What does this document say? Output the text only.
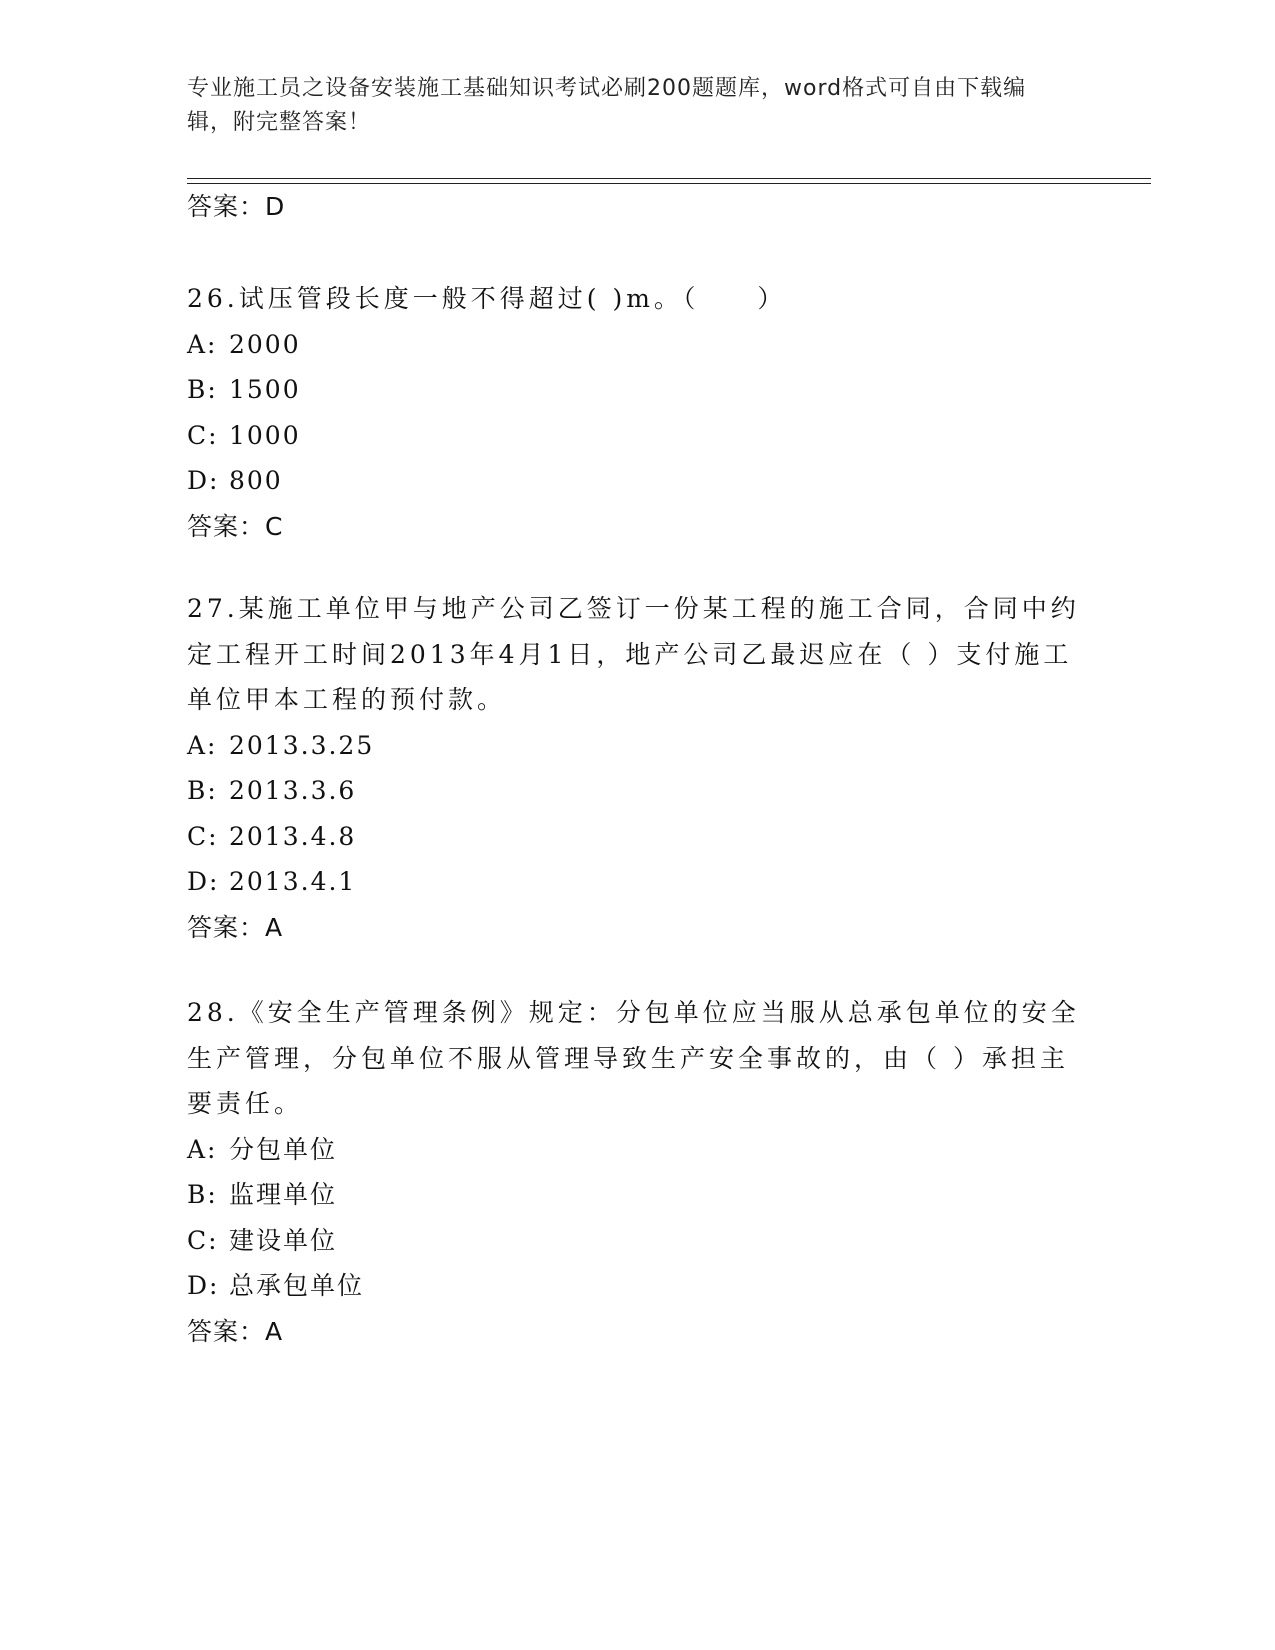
专业施工员之设备安装施工基础知识考试必刷200题题库，word格式可自由下载编辑，附完整答案！
答案：D

26.试压管段长度一般不得超过( )m。（　　）

A: 2000
B: 1500
C: 1000
D: 800
答案：C

27.某施工单位甲与地产公司乙签订一份某工程的施工合同，合同中约定工程开工时间2013年4月1日，地产公司乙最迟应在（ ）支付施工单位甲本工程的预付款。

A: 2013.3.25
B: 2013.3.6
C: 2013.4.8
D: 2013.4.1
答案：A

28.《安全生产管理条例》规定：分包单位应当服从总承包单位的安全生产管理，分包单位不服从管理导致生产安全事故的，由（ ）承担主要责任。

A: 分包单位
B: 监理单位
C: 建设单位
D: 总承包单位
答案：A
